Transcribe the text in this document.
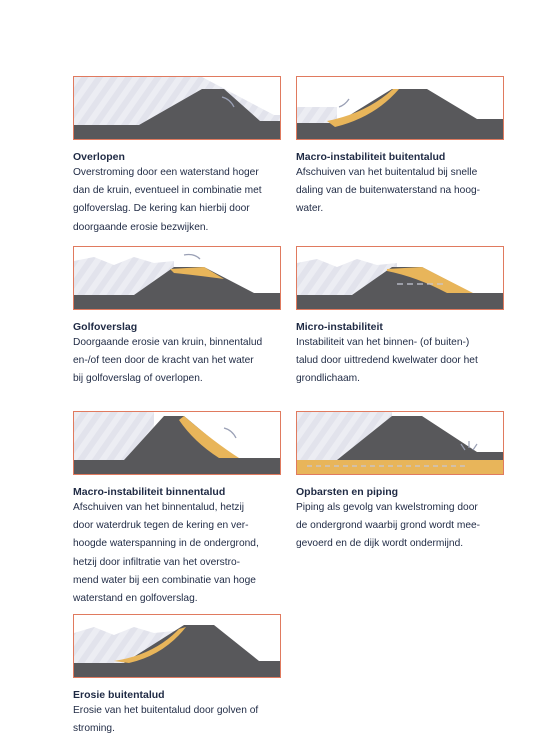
Overlopen
Overstroming door een waterstand hoger
dan de kruin, eventueel in combinatie met
golfoverslag. De kering kan hierbij door
doorgaande erosie bezwijken.
Macro-instabiliteit buitentalud
Afschuiven van het buitentalud bij snelle
daling van de buitenwaterstand na hoog-
water.
Golfoverslag
Doorgaande erosie van kruin, binnentalud
en-/of teen door de kracht van het water
bij golfoverslag of overlopen.
Micro-instabiliteit
Instabiliteit van het binnen- (of buiten-)
talud door uittredend kwelwater door het
grondlichaam.
Macro-instabiliteit binnentalud
Afschuiven van het binnentalud, hetzij
door waterdruk tegen de kering en ver-
hoogde waterspanning in de ondergrond,
hetzij door infiltratie van het overstro-
mend water bij een combinatie van hoge
waterstand en golfoverslag.
Opbarsten en piping
Piping als gevolg van kwelstroming door
de ondergrond waarbij grond wordt mee-
gevoerd en de dijk wordt ondermijnd.
Erosie buitentalud
Erosie van het buitentalud door golven of
stroming.
